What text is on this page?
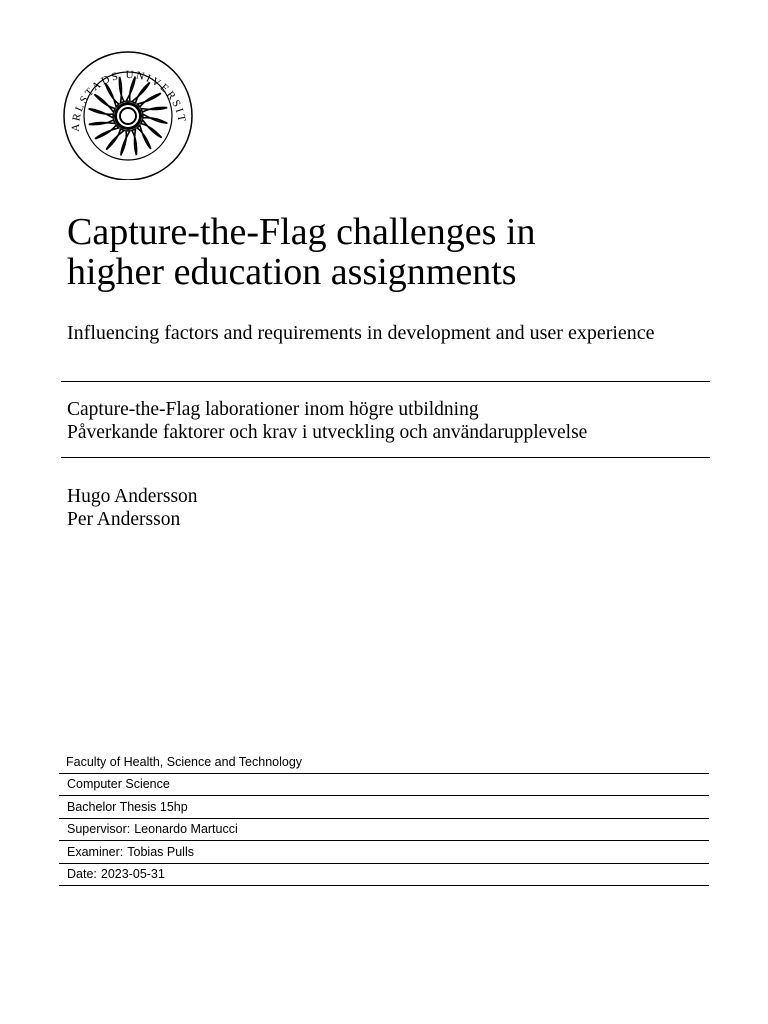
ARLSTADS UNIVERSIT
Capture-the-Flag challenges in
higher education assignments

Influencing factors and requirements in development and user experience

Capture-the-Flag laborationer inom högre utbildning
Påverkande faktorer och krav i utveckling och användarupplevelse
Hugo Andersson
Per Andersson
Faculty of Health, Science and Technology
Computer Science
Bachelor Thesis 15hp
Supervisor: Leonardo Martucci
Examiner: Tobias Pulls
Date: 2023-05-31
